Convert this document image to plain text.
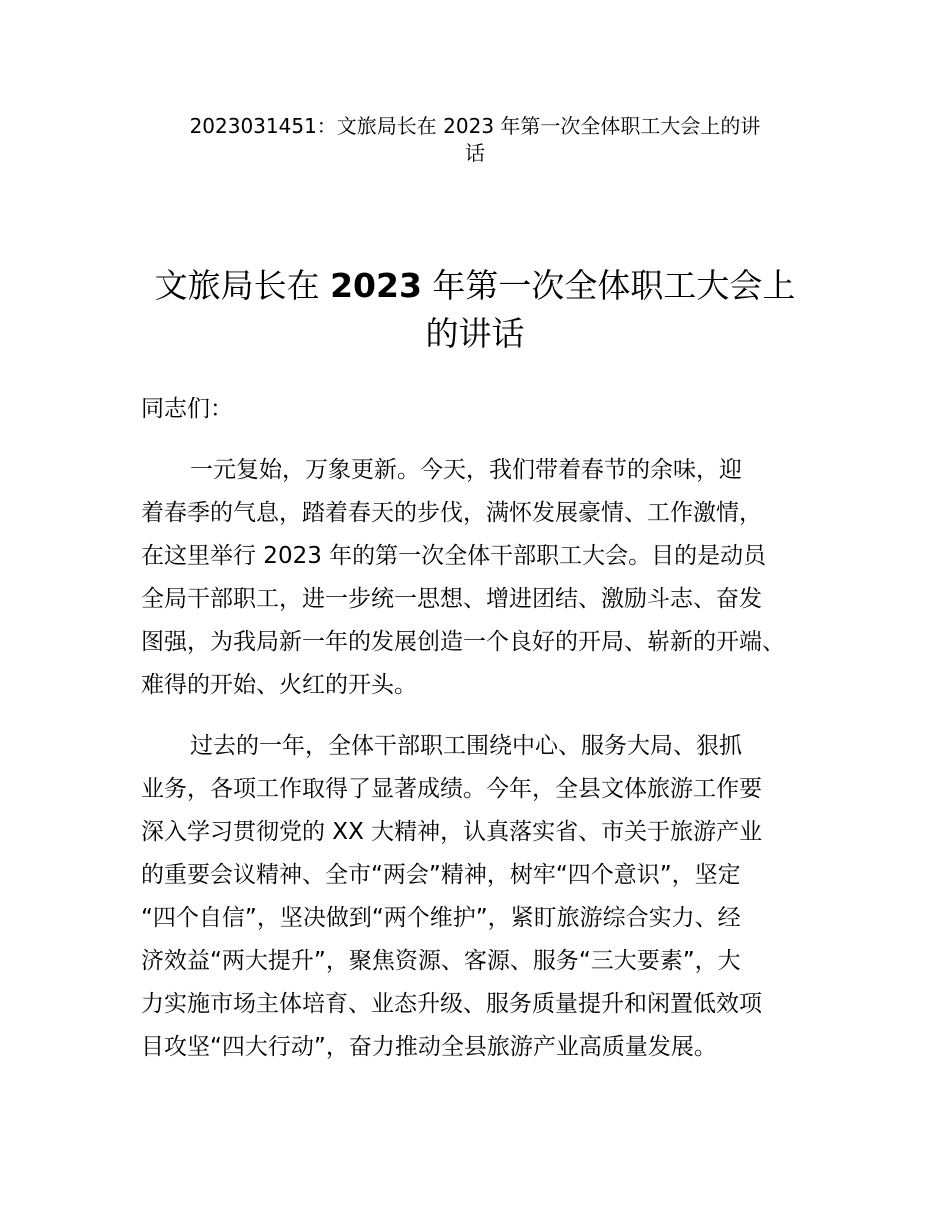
2023031451：文旅局长在 2023 年第一次全体职工大会上的讲
话
文旅局长在 2023 年第一次全体职工大会上
的讲话
同志们：
一元复始，万象更新。今天，我们带着春节的余味，迎
着春季的气息，踏着春天的步伐，满怀发展豪情、工作激情，
在这里举行 2023 年的第一次全体干部职工大会。目的是动员
全局干部职工，进一步统一思想、增进团结、激励斗志、奋发
图强，为我局新一年的发展创造一个良好的开局、崭新的开端、
难得的开始、火红的开头。
过去的一年，全体干部职工围绕中心、服务大局、狠抓
业务，各项工作取得了显著成绩。今年，全县文体旅游工作要
深入学习贯彻党的 XX 大精神，认真落实省、市关于旅游产业
的重要会议精神、全市“两会”精神，树牢“四个意识”，坚定
“四个自信”，坚决做到“两个维护”，紧盯旅游综合实力、经
济效益“两大提升”，聚焦资源、客源、服务“三大要素”，大
力实施市场主体培育、业态升级、服务质量提升和闲置低效项
目攻坚“四大行动”，奋力推动全县旅游产业高质量发展。
